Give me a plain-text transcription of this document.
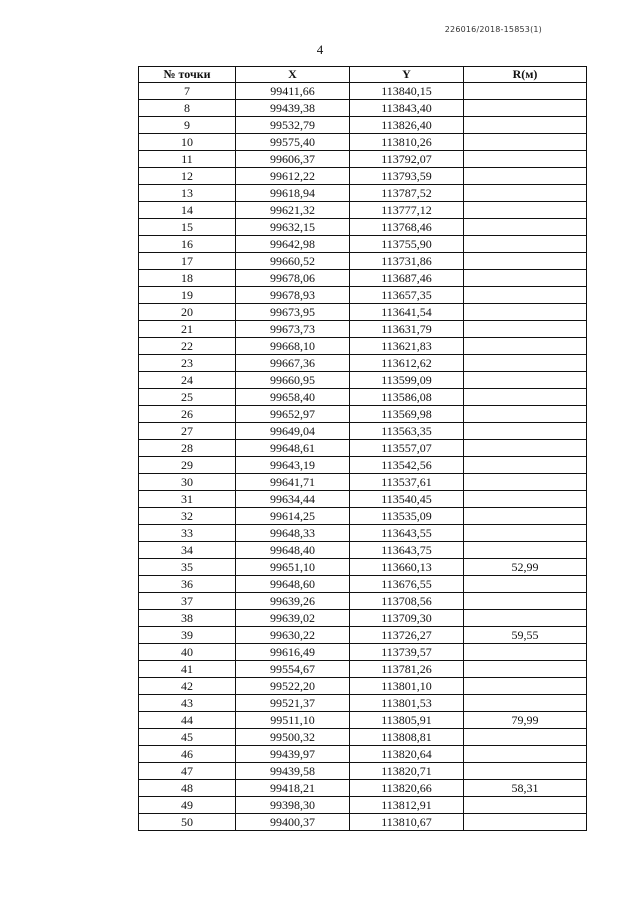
226016/2018-15853(1)
4
№ точки	X	Y	R(м)
7	99411,66	113840,15	
8	99439,38	113843,40	
9	99532,79	113826,40	
10	99575,40	113810,26	
11	99606,37	113792,07	
12	99612,22	113793,59	
13	99618,94	113787,52	
14	99621,32	113777,12	
15	99632,15	113768,46	
16	99642,98	113755,90	
17	99660,52	113731,86	
18	99678,06	113687,46	
19	99678,93	113657,35	
20	99673,95	113641,54	
21	99673,73	113631,79	
22	99668,10	113621,83	
23	99667,36	113612,62	
24	99660,95	113599,09	
25	99658,40	113586,08	
26	99652,97	113569,98	
27	99649,04	113563,35	
28	99648,61	113557,07	
29	99643,19	113542,56	
30	99641,71	113537,61	
31	99634,44	113540,45	
32	99614,25	113535,09	
33	99648,33	113643,55	
34	99648,40	113643,75	
35	99651,10	113660,13	52,99
36	99648,60	113676,55	
37	99639,26	113708,56	
38	99639,02	113709,30	
39	99630,22	113726,27	59,55
40	99616,49	113739,57	
41	99554,67	113781,26	
42	99522,20	113801,10	
43	99521,37	113801,53	
44	99511,10	113805,91	79,99
45	99500,32	113808,81	
46	99439,97	113820,64	
47	99439,58	113820,71	
48	99418,21	113820,66	58,31
49	99398,30	113812,91	
50	99400,37	113810,67	
